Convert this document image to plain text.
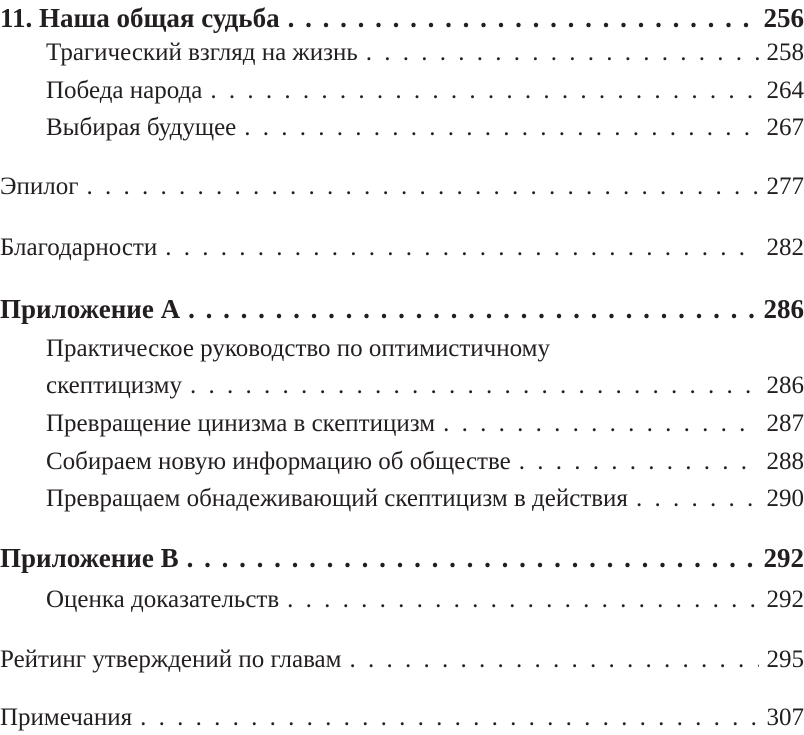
11. Наша общая судьба . . .	256
Трагический взгляд на жизнь . . .	258
Победа народа . . .	264
Выбирая будущее . . .	267
Эпилог . . .	277
Благодарности . . .	282
Приложение А . . .	286
Практическое руководство по оптимистичному
скептицизму . . .	286
Превращение цинизма в скептицизм . . .	287
Собираем новую информацию об обществе . . .	288
Превращаем обнадеживающий скептицизм в действия . . .	290
Приложение В . . .	292
Оценка доказательств . . .	292
Рейтинг утверждений по главам . . .	295
Примечания . . .	307
